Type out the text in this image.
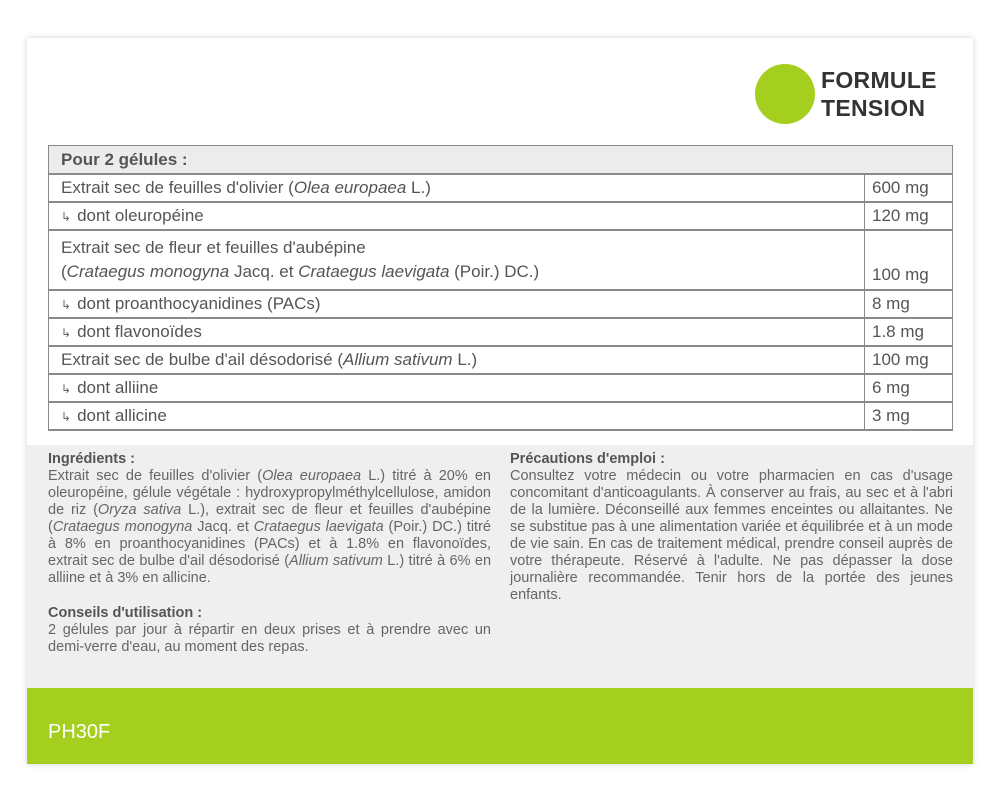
FORMULE
TENSION
Pour 2 gélules :	
Extrait sec de feuilles d'olivier (Olea europaea L.)	600 mg
↳ dont oleuropéine	120 mg

Extrait sec de fleur et feuilles d'aubépine
(Crataegus monogyna Jacq. et Crataegus laevigata (Poir.) DC.)	100 mg
↳ dont proanthocyanidines (PACs)	8 mg
↳ dont flavonoïdes	1.8 mg
Extrait sec de bulbe d'ail désodorisé (Allium sativum L.)	100 mg
↳ dont alliine	6 mg
↳ dont allicine	3 mg
Ingrédients :

Extrait sec de feuilles d'olivier (Olea europaea L.) titré à 20% en oleuropéine, gélule végétale : hydroxypropylméthylcellulose, amidon de riz (Oryza sativa L.), extrait sec de fleur et feuilles d'aubépine (Crataegus monogyna Jacq. et Crataegus laevigata (Poir.) DC.) titré à 8% en proanthocyanidines (PACs) et à 1.8% en flavonoïdes, extrait sec de bulbe d'ail désodorisé (Allium sativum L.) titré à 6% en alliine et à 3% en allicine.

Conseils d'utilisation :

2 gélules par jour à répartir en deux prises et à prendre avec un demi-verre d'eau, au moment des repas.

Précautions d'emploi :

Consultez votre médecin ou votre pharmacien en cas d'usage concomitant d'anticoagulants. À conserver au frais, au sec et à l'abri de la lumière. Déconseillé aux femmes enceintes ou allaitantes. Ne se substitue pas à une alimentation variée et équilibrée et à un mode de vie sain. En cas de traitement médical, prendre conseil auprès de votre thérapeute. Réservé à l'adulte. Ne pas dépasser la dose journalière recommandée. Tenir hors de la portée des jeunes enfants.

PH30F
